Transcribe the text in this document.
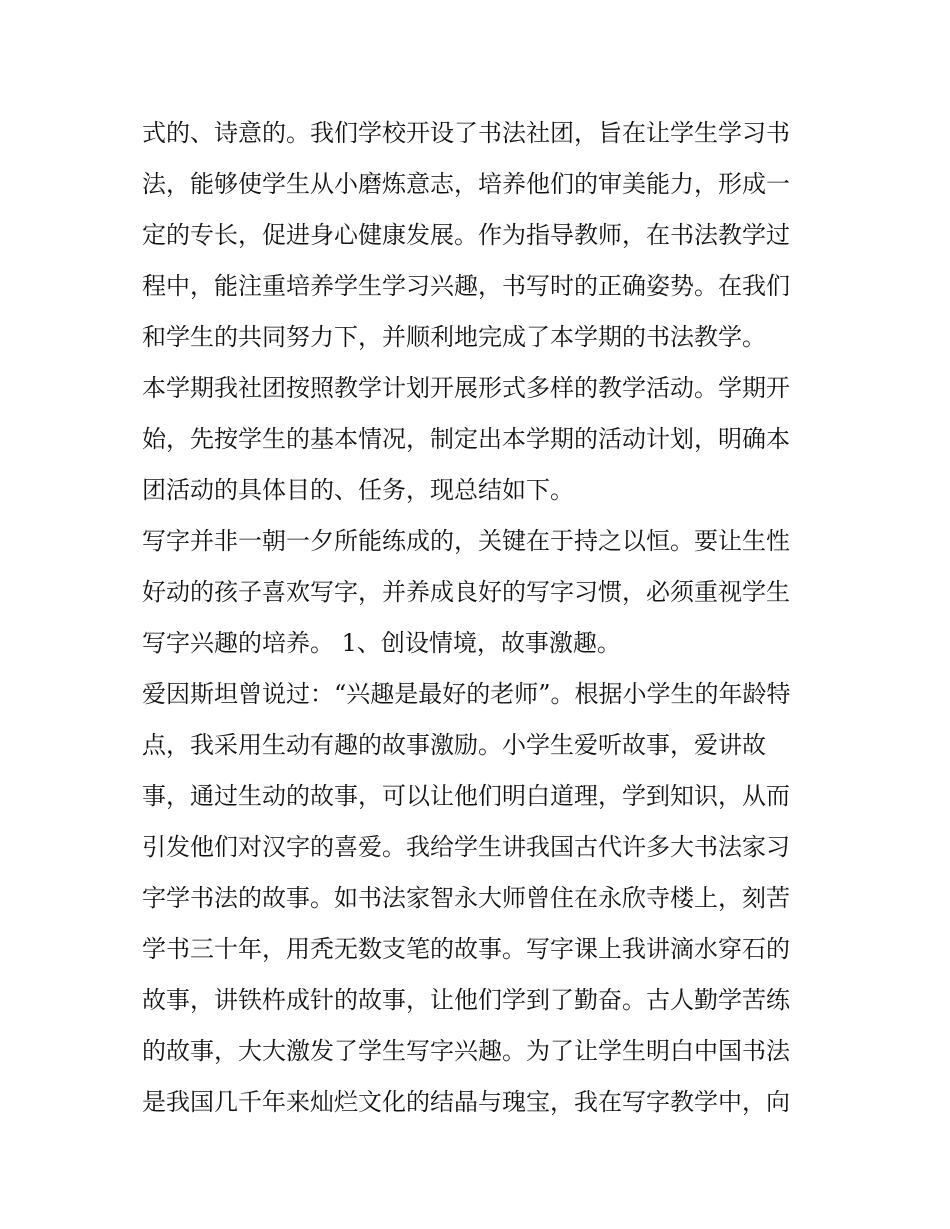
式的、诗意的。我们学校开设了书法社团，旨在让学生学习书
法，能够使学生从小磨炼意志，培养他们的审美能力，形成一
定的专长，促进身心健康发展。作为指导教师，在书法教学过
程中，能注重培养学生学习兴趣，书写时的正确姿势。在我们
和学生的共同努力下，并顺利地完成了本学期的书法教学。
本学期我社团按照教学计划开展形式多样的教学活动。学期开
始，先按学生的基本情况，制定出本学期的活动计划，明确本
团活动的具体目的、任务，现总结如下。
写字并非一朝一夕所能练成的，关键在于持之以恒。要让生性
好动的孩子喜欢写字，并养成良好的写字习惯，必须重视学生
写字兴趣的培养。 1、创设情境，故事激趣。
爱因斯坦曾说过：“兴趣是最好的老师”。根据小学生的年龄特
点，我采用生动有趣的故事激励。小学生爱听故事，爱讲故
事，通过生动的故事，可以让他们明白道理，学到知识，从而
引发他们对汉字的喜爱。我给学生讲我国古代许多大书法家习
字学书法的故事。如书法家智永大师曾住在永欣寺楼上，刻苦
学书三十年，用秃无数支笔的故事。写字课上我讲滴水穿石的
故事，讲铁杵成针的故事，让他们学到了勤奋。古人勤学苦练
的故事，大大激发了学生写字兴趣。为了让学生明白中国书法
是我国几千年来灿烂文化的结晶与瑰宝，我在写字教学中，向
